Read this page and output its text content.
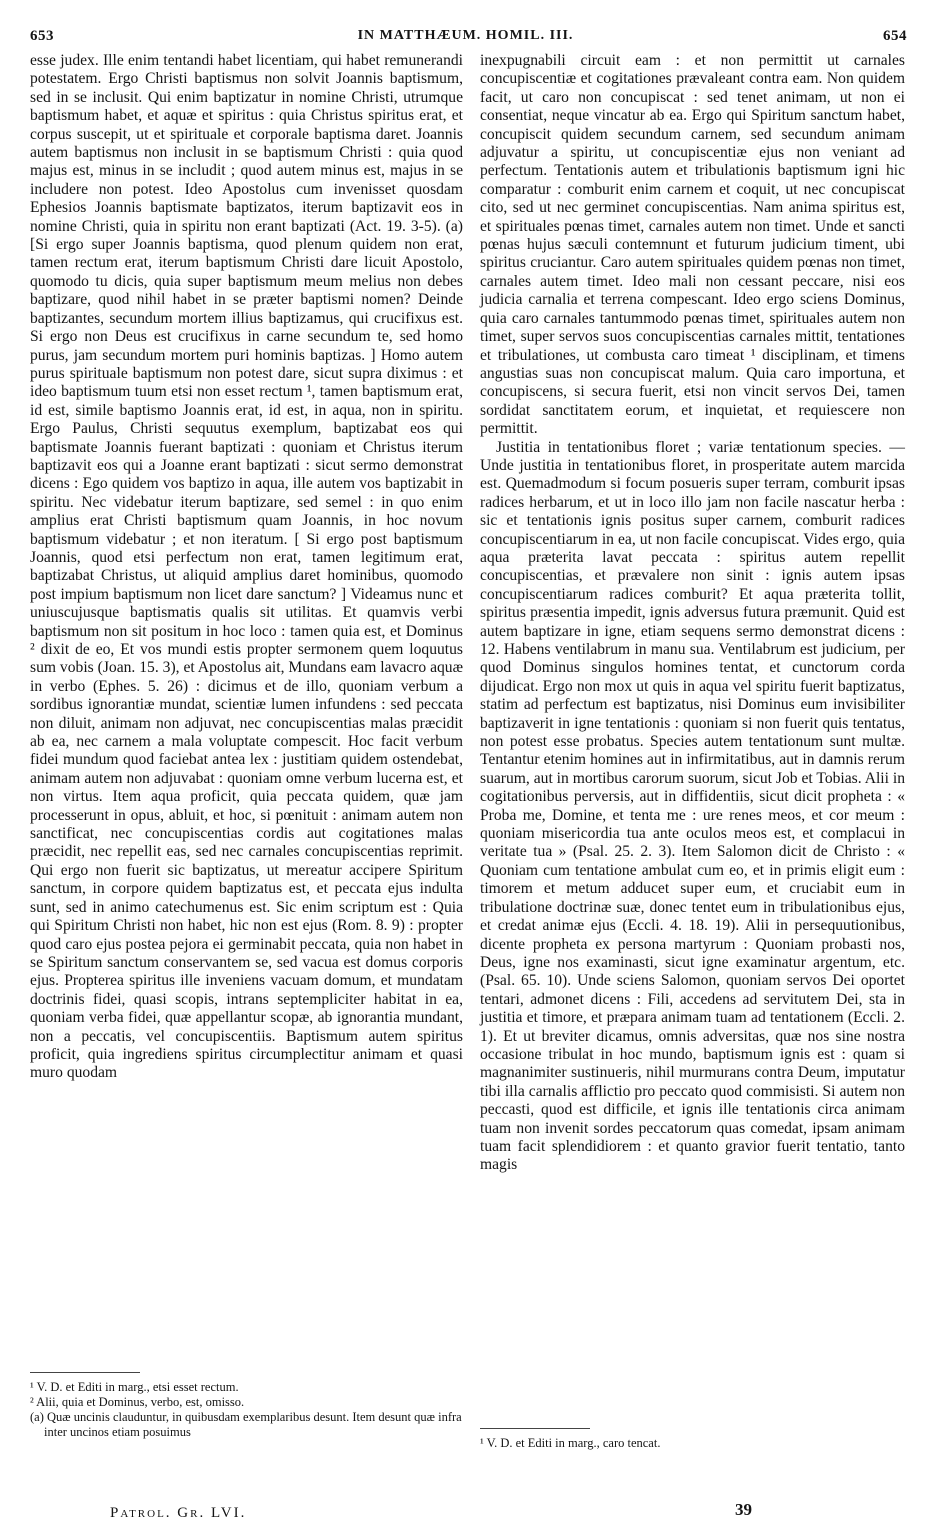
653	IN MATTHÆUM. HOMIL. III.	654

esse judex. Ille enim tentandi habet licentiam, qui habet remunerandi potestatem. Ergo Christi baptismus non solvit Joannis baptismum, sed in se inclusit. Qui enim baptizatur in nomine Christi, utrumque baptismum habet, et aquæ et spiritus : quia Christus spiritus erat, et corpus suscepit, ut et spirituale et corporale baptisma daret. Joannis autem baptismus non inclusit in se baptismum Christi : quia quod majus est, minus in se includit ; quod autem minus est, majus in se includere non potest. Ideo Apostolus cum invenisset quosdam Ephesios Joannis baptismate baptizatos, iterum baptizavit eos in nomine Christi, quia in spiritu non erant baptizati (Act. 19. 3-5). (a) [Si ergo super Joannis baptisma, quod plenum quidem non erat, tamen rectum erat, iterum baptismum Christi dare licuit Apostolo, quomodo tu dicis, quia super baptismum meum melius non debes baptizare, quod nihil habet in se præter baptismi nomen? Deinde baptizantes, secundum mortem illius baptizamus, qui crucifixus est. Si ergo non Deus est crucifixus in carne secundum te, sed homo purus, jam secundum mortem puri hominis baptizas. ] Homo autem purus spirituale baptismum non potest dare, sicut supra diximus : et ideo baptismum tuum etsi non esset rectum ¹, tamen baptismum erat, id est, simile baptismo Joannis erat, id est, in aqua, non in spiritu. Ergo Paulus, Christi sequutus exemplum, baptizabat eos qui baptismate Joannis fuerant baptizati : quoniam et Christus iterum baptizavit eos qui a Joanne erant baptizati : sicut sermo demonstrat dicens : Ego quidem vos baptizo in aqua, ille autem vos baptizabit in spiritu. Nec videbatur iterum baptizare, sed semel : in quo enim amplius erat Christi baptismum quam Joannis, in hoc novum baptismum videbatur ; et non iteratum. [ Si ergo post baptismum Joannis, quod etsi perfectum non erat, tamen legitimum erat, baptizabat Christus, ut aliquid amplius daret hominibus, quomodo post impium baptismum non licet dare sanctum? ] Videamus nunc et uniuscujusque baptismatis qualis sit utilitas. Et quamvis verbi baptismum non sit positum in hoc loco : tamen quia est, et Dominus ² dixit de eo, Et vos mundi estis propter sermonem quem loquutus sum vobis (Joan. 15. 3), et Apostolus ait, Mundans eam lavacro aquæ in verbo (Ephes. 5. 26) : dicimus et de illo, quoniam verbum a sordibus ignorantiæ mundat, scientiæ lumen infundens : sed peccata non diluit, animam non adjuvat, nec concupiscentias malas præcidit ab ea, nec carnem a mala voluptate compescit. Hoc facit verbum fidei mundum quod faciebat antea lex : justitiam quidem ostendebat, animam autem non adjuvabat : quoniam omne verbum lucerna est, et non virtus. Item aqua proficit, quia peccata quidem, quæ jam processerunt in opus, abluit, et hoc, si pœnituit : animam autem non sanctificat, nec concupiscentias cordis aut cogitationes malas præcidit, nec repellit eas, sed nec carnales concupiscentias reprimit. Qui ergo non fuerit sic baptizatus, ut mereatur accipere Spiritum sanctum, in corpore quidem baptizatus est, et peccata ejus indulta sunt, sed in animo catechumenus est. Sic enim scriptum est : Quia qui Spiritum Christi non habet, hic non est ejus (Rom. 8. 9) : propter quod caro ejus postea pejora ei germinabit peccata, quia non habet in se Spiritum sanctum conservantem se, sed vacua est domus corporis ejus. Propterea spiritus ille inveniens vacuam domum, et mundatam doctrinis fidei, quasi scopis, intrans septempliciter habitat in ea, quoniam verba fidei, quæ appellantur scopæ, ab ignorantia mundant, non a peccatis, vel concupiscentiis. Baptismum autem spiritus proficit, quia ingrediens spiritus circumplectitur animam et quasi muro quodam

inexpugnabili circuit eam : et non permittit ut carnales concupiscentiæ et cogitationes prævaleant contra eam. Non quidem facit, ut caro non concupiscat : sed tenet animam, ut non ei consentiat, neque vincatur ab ea. Ergo qui Spiritum sanctum habet, concupiscit quidem secundum carnem, sed secundum animam adjuvatur a spiritu, ut concupiscentiæ ejus non veniant ad perfectum. Tentationis autem et tribulationis baptismum igni hic comparatur : comburit enim carnem et coquit, ut nec concupiscat cito, sed ut nec germinet concupiscentias. Nam anima spiritus est, et spirituales pœnas timet, carnales autem non timet. Unde et sancti pœnas hujus sæculi contemnunt et futurum judicium timent, ubi spiritus cruciantur. Caro autem spirituales quidem pœnas non timet, carnales autem timet. Ideo mali non cessant peccare, nisi eos judicia carnalia et terrena compescant. Ideo ergo sciens Dominus, quia caro carnales tantummodo pœnas timet, spirituales autem non timet, super servos suos concupiscentias carnales mittit, tentationes et tribulationes, ut combusta caro timeat ¹ disciplinam, et timens angustias suas non concupiscat malum. Quia caro importuna, et concupiscens, si secura fuerit, etsi non vincit servos Dei, tamen sordidat sanctitatem eorum, et inquietat, et requiescere non permittit.

Justitia in tentationibus floret ; variæ tentationum species. — Unde justitia in tentationibus floret, in prosperitate autem marcida est. Quemadmodum si focum posueris super terram, comburit ipsas radices herbarum, et ut in loco illo jam non facile nascatur herba : sic et tentationis ignis positus super carnem, comburit radices concupiscentiarum in ea, ut non facile concupiscat. Vides ergo, quia aqua præterita lavat peccata : spiritus autem repellit concupiscentias, et prævalere non sinit : ignis autem ipsas concupiscentiarum radices comburit? Et aqua præterita tollit, spiritus præsentia impedit, ignis adversus futura præmunit. Quid est autem baptizare in igne, etiam sequens sermo demonstrat dicens : 12. Habens ventilabrum in manu sua. Ventilabrum est judicium, per quod Dominus singulos homines tentat, et cunctorum corda dijudicat. Ergo non mox ut quis in aqua vel spiritu fuerit baptizatus, statim ad perfectum est baptizatus, nisi Dominus eum invisibiliter baptizaverit in igne tentationis : quoniam si non fuerit quis tentatus, non potest esse probatus. Species autem tentationum sunt multæ. Tentantur etenim homines aut in infirmitatibus, aut in damnis rerum suarum, aut in mortibus carorum suorum, sicut Job et Tobias. Alii in cogitationibus perversis, aut in diffidentiis, sicut dicit propheta : « Proba me, Domine, et tenta me : ure renes meos, et cor meum : quoniam misericordia tua ante oculos meos est, et complacui in veritate tua » (Psal. 25. 2. 3). Item Salomon dicit de Christo : « Quoniam cum tentatione ambulat cum eo, et in primis eligit eum : timorem et metum adducet super eum, et cruciabit eum in tribulatione doctrinæ suæ, donec tentet eum in tribulationibus ejus, et credat animæ ejus (Eccli. 4. 18. 19). Alii in persequutionibus, dicente propheta ex persona martyrum : Quoniam probasti nos, Deus, igne nos examinasti, sicut igne examinatur argentum, etc. (Psal. 65. 10). Unde sciens Salomon, quoniam servos Dei oportet tentari, admonet dicens : Fili, accedens ad servitutem Dei, sta in justitia et timore, et præpara animam tuam ad tentationem (Eccli. 2. 1). Et ut breviter dicamus, omnis adversitas, quæ nos sine nostra occasione tribulat in hoc mundo, baptismum ignis est : quam si magnanimiter sustinueris, nihil murmurans contra Deum, imputatur tibi illa carnalis afflictio pro peccato quod commisisti. Si autem non peccasti, quod est difficile, et ignis ille tentationis circa animam tuam non invenit sordes peccatorum quas comedat, ipsam animam tuam facit splendidiorem : et quanto gravior fuerit tentatio, tanto magis

¹ V. D. et Editi in marg., etsi esset rectum.

² Alii, quia et Dominus, verbo, est, omisso.

(a) Quæ uncinis clauduntur, in quibusdam exemplaribus desunt. Item desunt quæ infra inter uncinos etiam posuimus

¹ V. D. et Editi in marg., caro tencat.

Patrol. Gr. LVI.	39
